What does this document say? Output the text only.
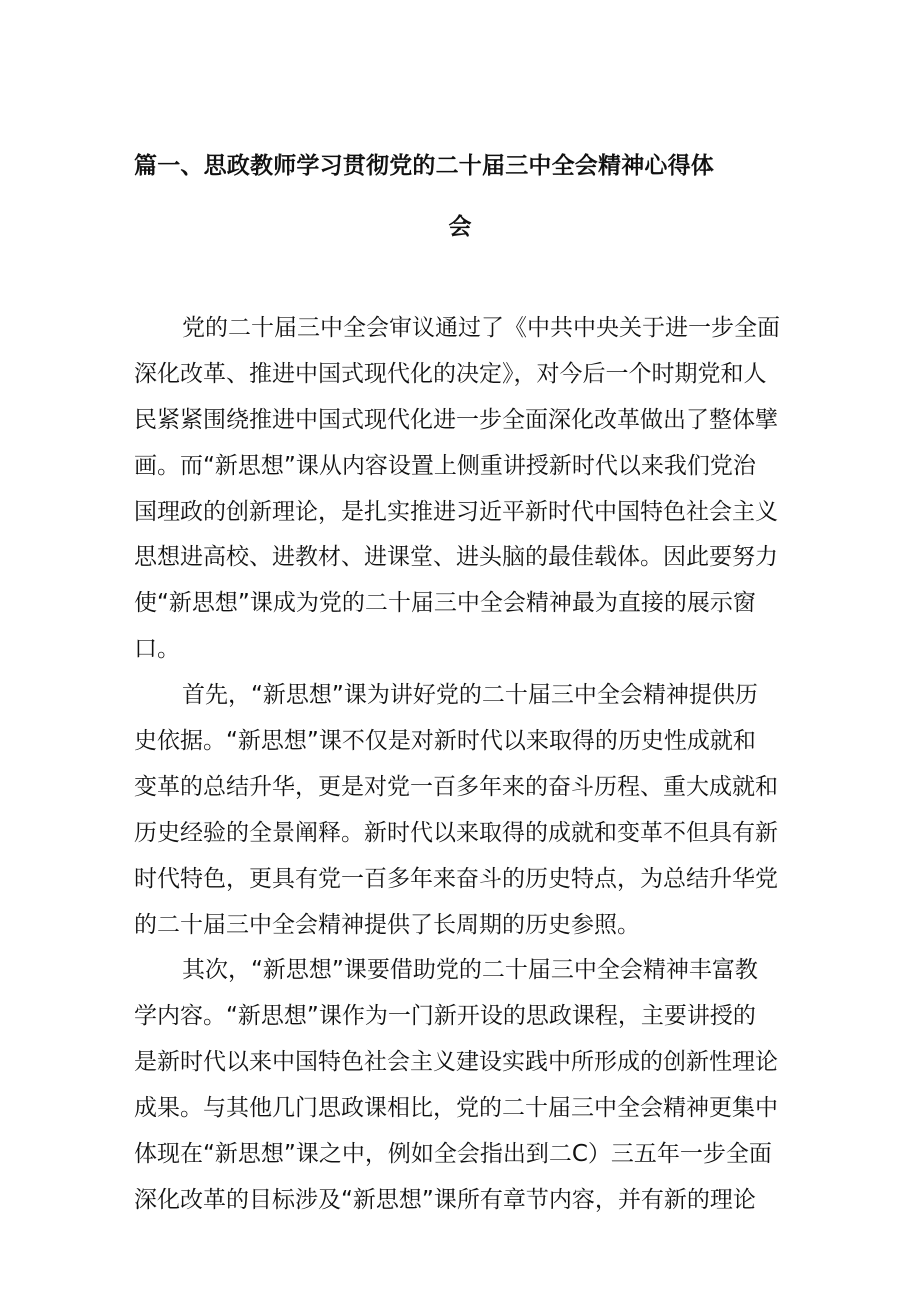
篇一、思政教师学习贯彻党的二十届三中全会精神心得体
会
党的二十届三中全会审议通过了《中共中央关于进一步全面
深化改革、推进中国式现代化的决定》，对今后一个时期党和人
民紧紧围绕推进中国式现代化进一步全面深化改革做出了整体擘
画。而“新思想”课从内容设置上侧重讲授新时代以来我们党治
国理政的创新理论，是扎实推进习近平新时代中国特色社会主义
思想进高校、进教材、进课堂、进头脑的最佳载体。因此要努力
使“新思想”课成为党的二十届三中全会精神最为直接的展示窗
口。
首先，“新思想”课为讲好党的二十届三中全会精神提供历
史依据。“新思想”课不仅是对新时代以来取得的历史性成就和
变革的总结升华，更是对党一百多年来的奋斗历程、重大成就和
历史经验的全景阐释。新时代以来取得的成就和变革不但具有新
时代特色，更具有党一百多年来奋斗的历史特点，为总结升华党
的二十届三中全会精神提供了长周期的历史参照。
其次，“新思想”课要借助党的二十届三中全会精神丰富教
学内容。“新思想”课作为一门新开设的思政课程，主要讲授的
是新时代以来中国特色社会主义建设实践中所形成的创新性理论
成果。与其他几门思政课相比，党的二十届三中全会精神更集中
体现在“新思想”课之中，例如全会指出到二C）三五年一步全面
深化改革的目标涉及“新思想”课所有章节内容，并有新的理论
